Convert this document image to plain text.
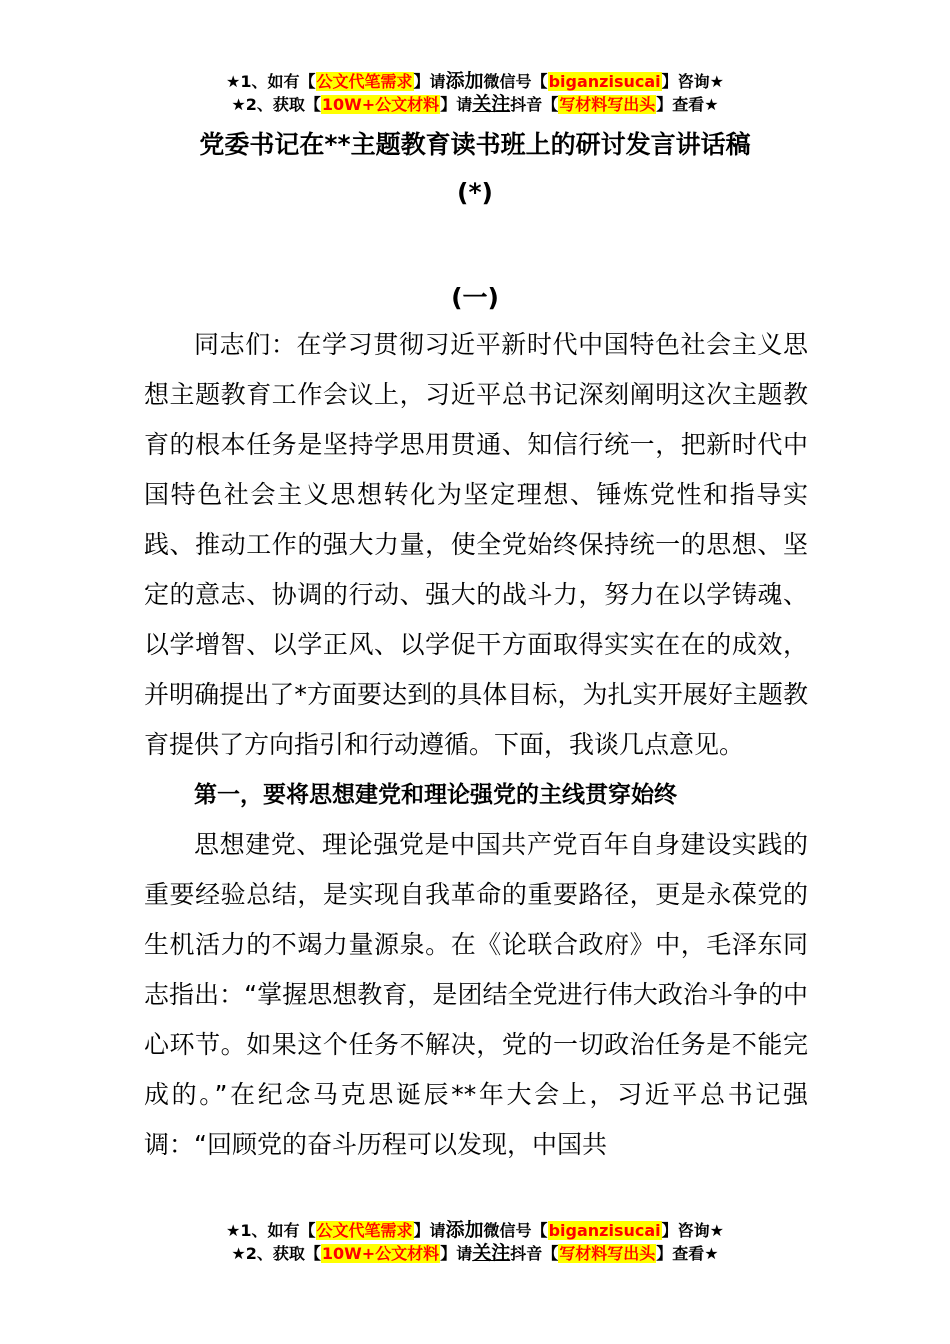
★1、如有【公文代笔需求】请添加微信号【biganzisucai】咨询★
★2、获取【10W+公文材料】请关注抖音【写材料写出头】查看★
党委书记在**主题教育读书班上的研讨发言讲话稿
(*)
(一)

同志们：在学习贯彻习近平新时代中国特色社会主义思想主题教育工作会议上，习近平总书记深刻阐明这次主题教育的根本任务是坚持学思用贯通、知信行统一，把新时代中国特色社会主义思想转化为坚定理想、锤炼党性和指导实践、推动工作的强大力量，使全党始终保持统一的思想、坚定的意志、协调的行动、强大的战斗力，努力在以学铸魂、以学增智、以学正风、以学促干方面取得实实在在的成效，并明确提出了*方面要达到的具体目标，为扎实开展好主题教育提供了方向指引和行动遵循。下面，我谈几点意见。

第一，要将思想建党和理论强党的主线贯穿始终

思想建党、理论强党是中国共产党百年自身建设实践的重要经验总结，是实现自我革命的重要路径，更是永葆党的生机活力的不竭力量源泉。在《论联合政府》中，毛泽东同志指出：“掌握思想教育，是团结全党进行伟大政治斗争的中心环节。如果这个任务不解决，党的一切政治任务是不能完成的。”在纪念马克思诞辰**年大会上，习近平总书记强调：“回顾党的奋斗历程可以发现，中国共

★1、如有【公文代笔需求】请添加微信号【biganzisucai】咨询★
★2、获取【10W+公文材料】请关注抖音【写材料写出头】查看★
